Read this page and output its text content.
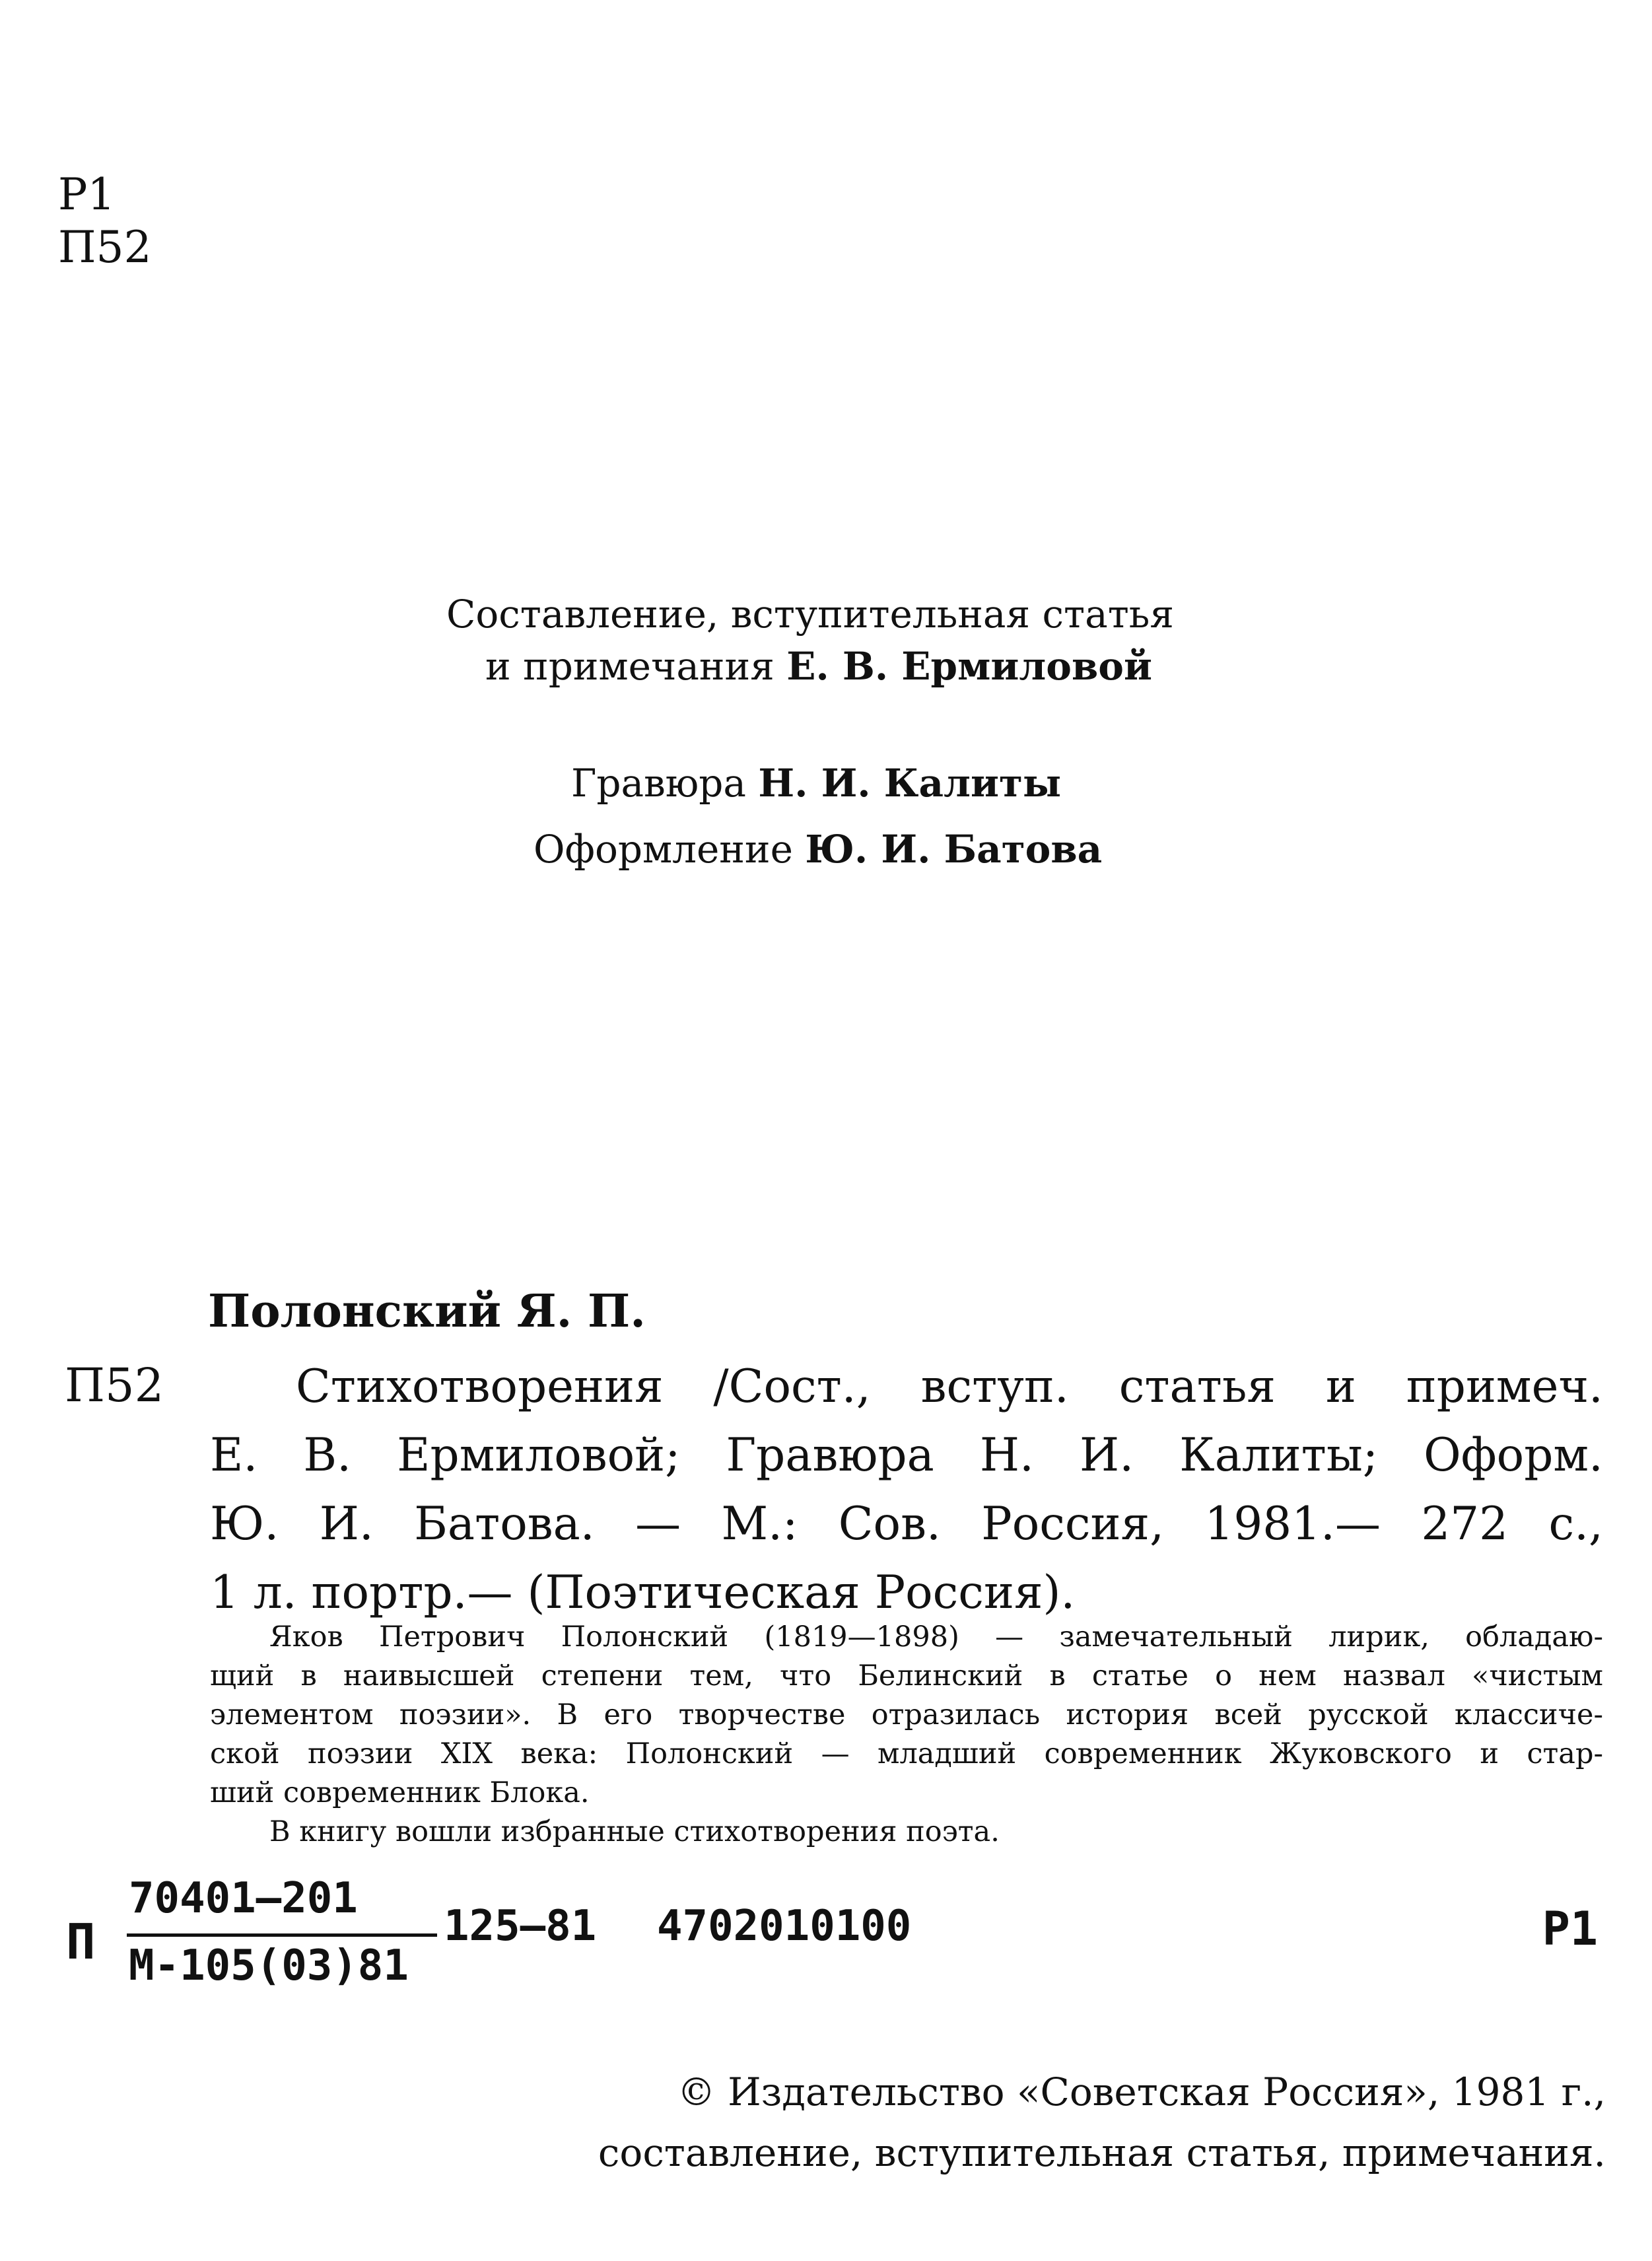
Р1
П52
Составление, вступительная статья
и примечания Е. В. Ермиловой
Гравюра Н. И. Калиты
Оформление Ю. И. Батова
Полонский Я. П.
П52	Стихотворения /Сост., вступ. статья и примеч.
Е. В. Ермиловой; Гравюра Н. И. Калиты; Оформ.
Ю. И. Батова. — М.: Сов. Россия, 1981.— 272 с.,
1 л. портр.— (Поэтическая Россия).
Яков Петрович Полонский (1819—1898) — замечательный лирик, обладаю-
щий в наивысшей степени тем, что Белинский в статье о нем назвал «чистым
элементом поэзии». В его творчестве отразилась история всей русской классиче-
ской поэзии XIX века: Полонский — младший современник Жуковского и стар-
ший современник Блока.
В книгу вошли избранные стихотворения поэта.
П
70401—201
М-105(03)81
125—81 4702010100	Р1
© Издательство «Советская Россия», 1981 г.,
составление, вступительная статья, примечания.
